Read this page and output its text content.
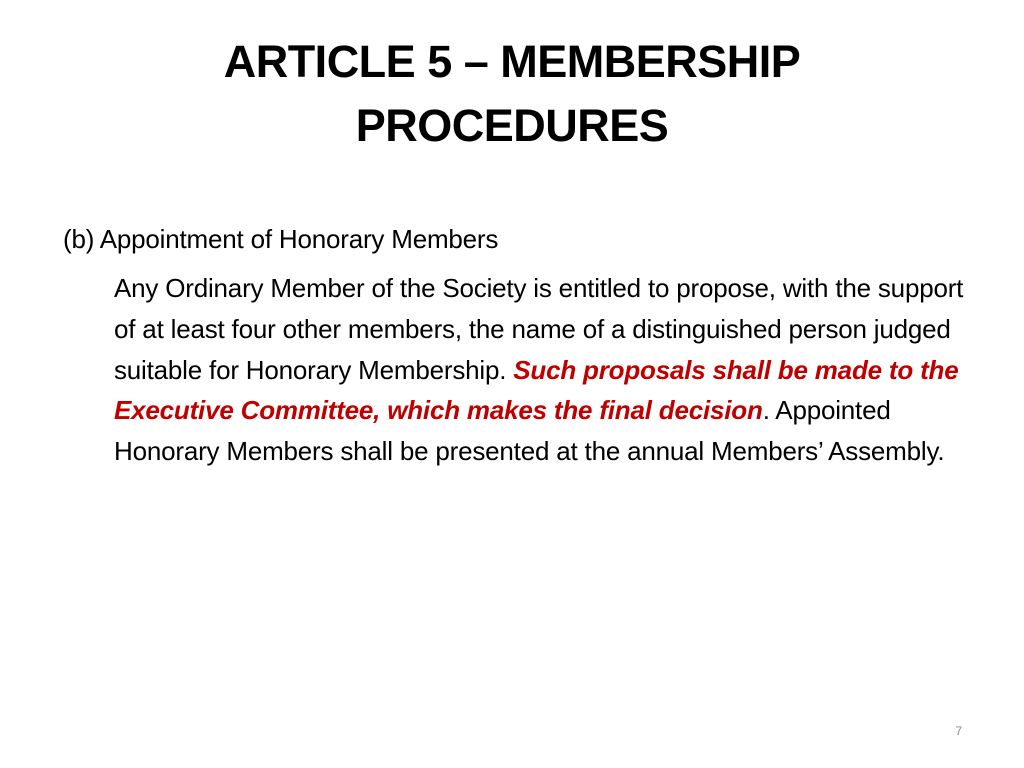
ARTICLE 5 – MEMBERSHIP PROCEDURES

(b) Appointment of Honorary Members

Any Ordinary Member of the Society is entitled to propose, with the support of at least four other members, the name of a distinguished person judged suitable for Honorary Membership. Such proposals shall be made to the Executive Committee, which makes the final decision. Appointed Honorary Members shall be presented at the annual Members’ Assembly.

7
